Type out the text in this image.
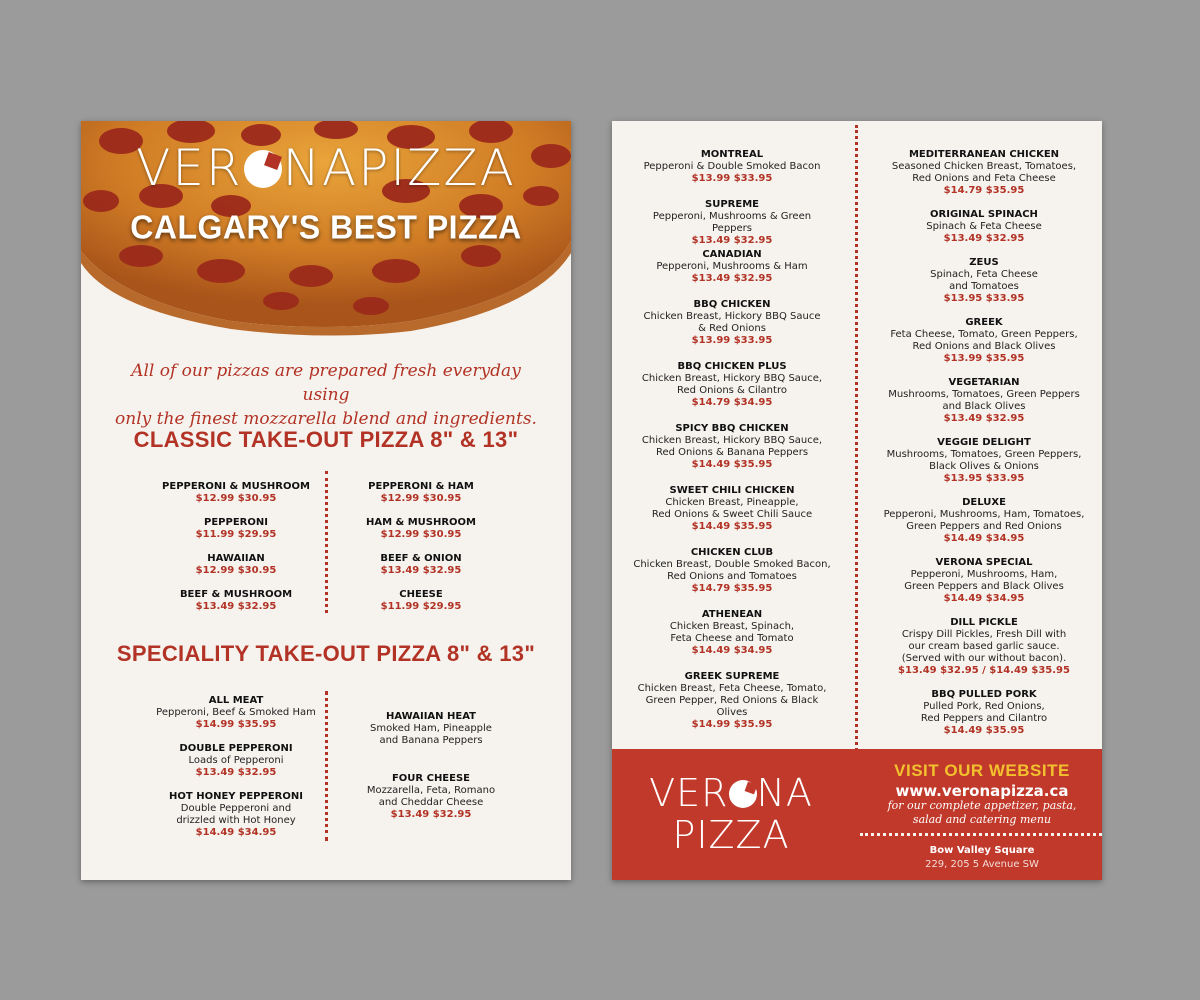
VER NAPIZZA
CALGARY'S BEST PIZZA
All of our pizzas are prepared fresh everyday using
only the finest mozzarella blend and ingredients.
CLASSIC TAKE-OUT PIZZA 8" & 13"
PEPPERONI & MUSHROOM
$12.99 $30.95
PEPPERONI
$11.99 $29.95
HAWAIIAN
$12.99 $30.95
BEEF & MUSHROOM
$13.49 $32.95
PEPPERONI & HAM
$12.99 $30.95
HAM & MUSHROOM
$12.99 $30.95
BEEF & ONION
$13.49 $32.95
CHEESE
$11.99 $29.95
SPECIALITY TAKE-OUT PIZZA 8" & 13"
ALL MEAT
Pepperoni, Beef & Smoked Ham
$14.99 $35.95
DOUBLE PEPPERONI
Loads of Pepperoni
$13.49 $32.95
HOT HONEY PEPPERONI
Double Pepperoni and
drizzled with Hot Honey
$14.49 $34.95
HAWAIIAN HEAT
Smoked Ham, Pineapple
and Banana Peppers
FOUR CHEESE
Mozzarella, Feta, Romano
and Cheddar Cheese
$13.49 $32.95
MONTREAL
Pepperoni & Double Smoked Bacon
$13.99 $33.95
SUPREME
Pepperoni, Mushrooms & Green Peppers
$13.49 $32.95
CANADIAN
Pepperoni, Mushrooms & Ham
$13.49 $32.95
BBQ CHICKEN
Chicken Breast, Hickory BBQ Sauce
& Red Onions
$13.99 $33.95
BBQ CHICKEN PLUS
Chicken Breast, Hickory BBQ Sauce,
Red Onions & Cilantro
$14.79 $34.95
SPICY BBQ CHICKEN
Chicken Breast, Hickory BBQ Sauce,
Red Onions & Banana Peppers
$14.49 $35.95
SWEET CHILI CHICKEN
Chicken Breast, Pineapple,
Red Onions & Sweet Chili Sauce
$14.49 $35.95
CHICKEN CLUB
Chicken Breast, Double Smoked Bacon,
Red Onions and Tomatoes
$14.79 $35.95
ATHENEAN
Chicken Breast, Spinach,
Feta Cheese and Tomato
$14.49 $34.95
GREEK SUPREME
Chicken Breast, Feta Cheese, Tomato,
Green Pepper, Red Onions & Black Olives
$14.99 $35.95
MEDITERRANEAN CHICKEN
Seasoned Chicken Breast, Tomatoes,
Red Onions and Feta Cheese
$14.79 $35.95
ORIGINAL SPINACH
Spinach & Feta Cheese
$13.49 $32.95
ZEUS
Spinach, Feta Cheese
and Tomatoes
$13.95 $33.95
GREEK
Feta Cheese, Tomato, Green Peppers,
Red Onions and Black Olives
$13.99 $35.95
VEGETARIAN
Mushrooms, Tomatoes, Green Peppers
and Black Olives
$13.49 $32.95
VEGGIE DELIGHT
Mushrooms, Tomatoes, Green Peppers,
Black Olives & Onions
$13.95 $33.95
DELUXE
Pepperoni, Mushrooms, Ham, Tomatoes,
Green Peppers and Red Onions
$14.49 $34.95
VERONA SPECIAL
Pepperoni, Mushrooms, Ham,
Green Peppers and Black Olives
$14.49 $34.95
DILL PICKLE
Crispy Dill Pickles, Fresh Dill with
our cream based garlic sauce.
(Served with our without bacon).
$13.49 $32.95 / $14.49 $35.95
BBQ PULLED PORK
Pulled Pork, Red Onions,
Red Peppers and Cilantro
$14.49 $35.95
VER NA
PIZZA
VISIT OUR WEBSITE
www.veronapizza.ca
for our complete appetizer, pasta,
salad and catering menu
Bow Valley Square
229, 205 5 Avenue SW
